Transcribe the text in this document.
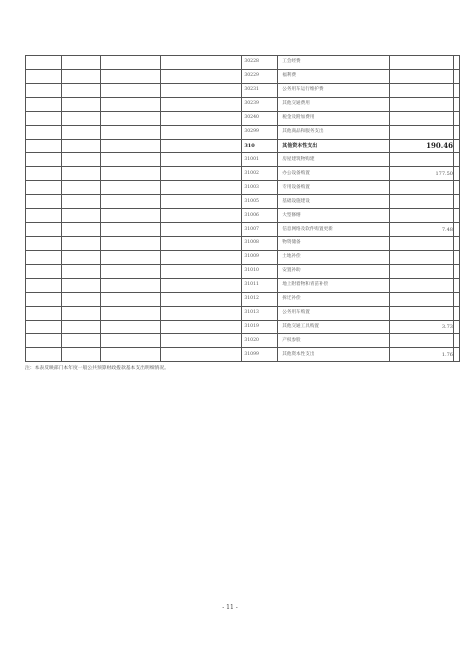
				30228	工会经费		
				30229	福利费		
				30231	公务用车运行维护费		
				30239	其他交通费用		
				30240	税金及附加费用		
				30299	其他商品和服务支出		
				310	其他资本性支出	190.46	
				31001	房屋建筑物购建		
				31002	办公设备购置	177.50	
				31003	专用设备购置		
				31005	基础设施建设		
				31006	大型修缮		
				31007	信息网络及软件购置更新	7.48	
				31008	物资储备		
				31009	土地补偿		
				31010	安置补助		
				31011	地上附着物和青苗补偿		
				31012	拆迁补偿		
				31013	公务用车购置		
				31019	其他交通工具购置	3.73	
				31020	产权参股		
				31099	其他资本性支出	1.76	
注：本表反映部门本年度一般公共预算财政拨款基本支出明细情况。
- 11 -
